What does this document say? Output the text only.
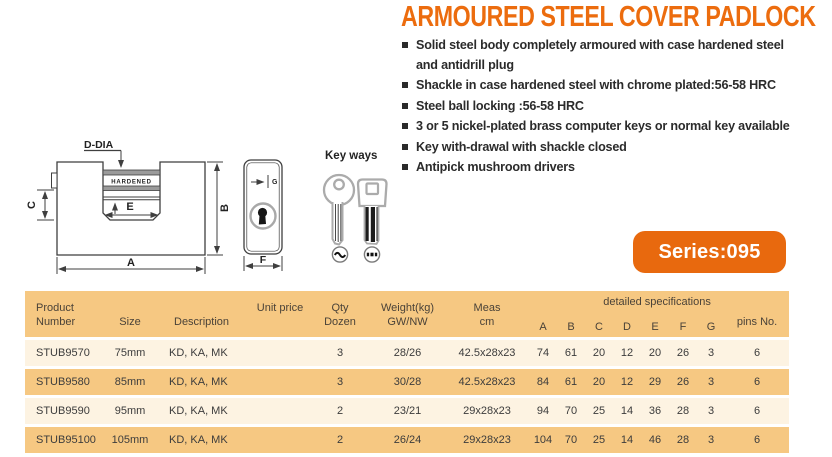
ARMOURED STEEL COVER PADLOCK
Solid steel body completely armoured with case hardened steel
and antidrill plug
Shackle in case hardened steel with chrome plated:56-58 HRC
Steel ball locking :56-58 HRC
3 or 5 nickel-plated brass computer keys or normal key available
Key with-drawal with shackle closed
Antipick mushroom drivers
HARDENED
D-DIA
C	E	B
A
G
F
Key ways
Series:095
Product
Number	Size	Description

Unit price	Qty
Dozen

Weight(kg)
GW/NW

Meas
cm
	detailed specifications	
pins No.

							A	B	C	D	E	F	G	
STUB9570	75mm	KD, KA, MK		3	28/26	42.5x28x23	74	61	20	12	20	26	3	6
STUB9580	85mm	KD, KA, MK		3	30/28	42.5x28x23	84	61	20	12	29	26	3	6
STUB9590	95mm	KD, KA, MK		2	23/21	29x28x23	94	70	25	14	36	28	3	6
STUB95100	105mm	KD, KA, MK		2	26/24	29x28x23	104	70	25	14	46	28	3	6
